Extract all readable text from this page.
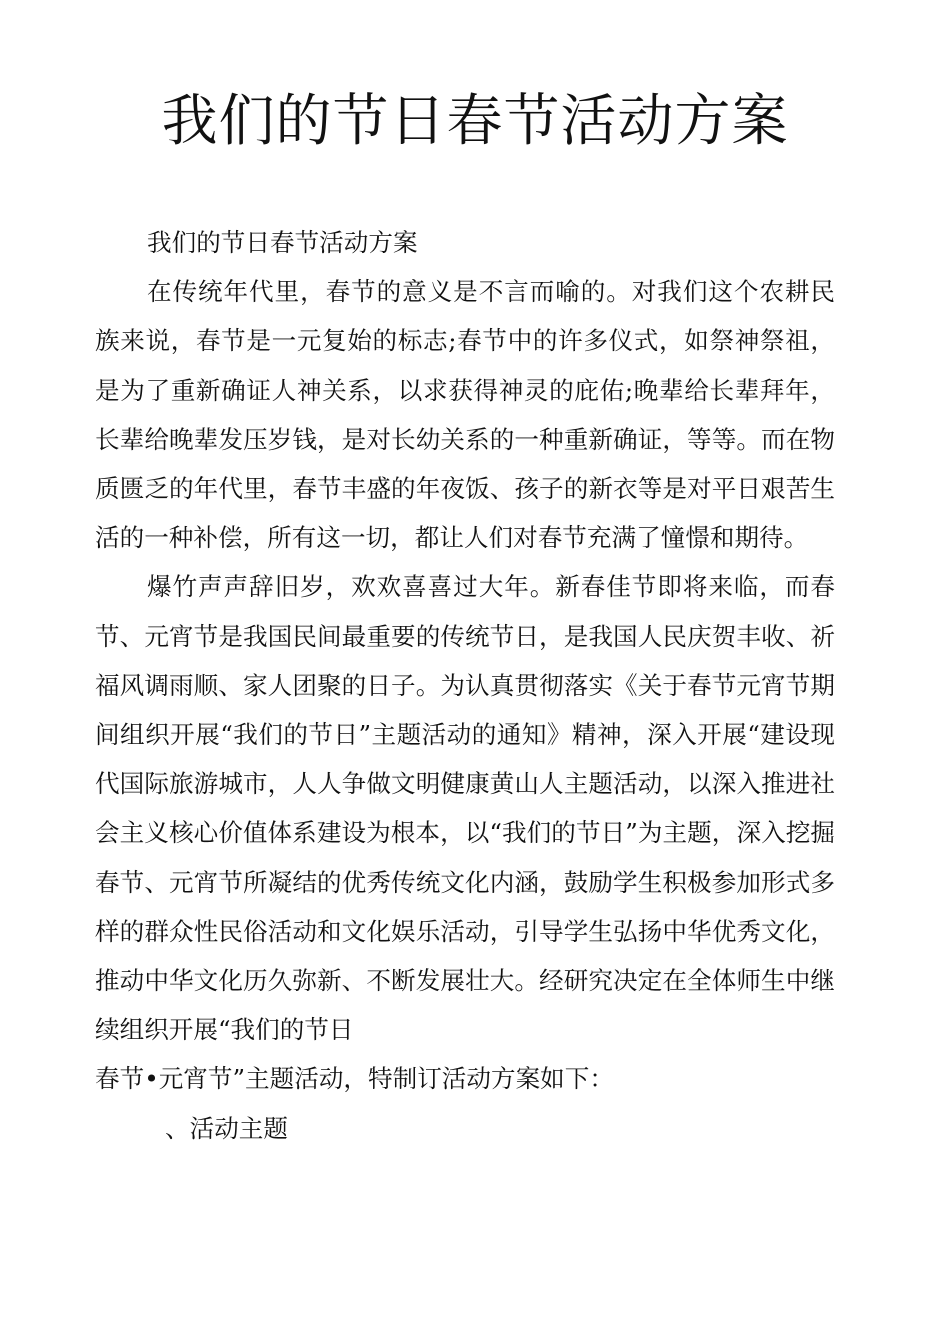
我们的节日春节活动方案

我们的节日春节活动方案

在传统年代里，春节的意义是不言而喻的。对我们这个农耕民族来说，春节是一元复始的标志;春节中的许多仪式，如祭神祭祖，是为了重新确证人神关系，以求获得神灵的庇佑;晚辈给长辈拜年，长辈给晚辈发压岁钱，是对长幼关系的一种重新确证，等等。而在物质匮乏的年代里，春节丰盛的年夜饭、孩子的新衣等是对平日艰苦生活的一种补偿，所有这一切，都让人们对春节充满了憧憬和期待。

爆竹声声辞旧岁，欢欢喜喜过大年。新春佳节即将来临，而春节、元宵节是我国民间最重要的传统节日，是我国人民庆贺丰收、祈福风调雨顺、家人团聚的日子。为认真贯彻落实《关于春节元宵节期间组织开展“我们的节日”主题活动的通知》精神，深入开展“建设现代国际旅游城市，人人争做文明健康黄山人主题活动，以深入推进社会主义核心价值体系建设为根本，以“我们的节日”为主题，深入挖掘春节、元宵节所凝结的优秀传统文化内涵，鼓励学生积极参加形式多样的群众性民俗活动和文化娱乐活动，引导学生弘扬中华优秀文化，推动中华文化历久弥新、不断发展壮大。经研究决定在全体师生中继续组织开展“我们的节日

春节•元宵节”主题活动，特制订活动方案如下：

、活动主题
